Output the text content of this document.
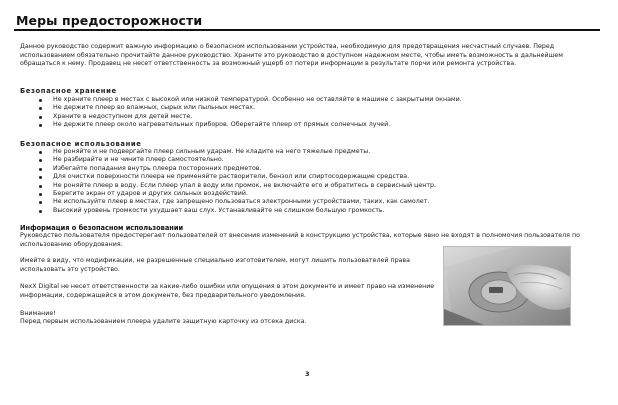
Меры предосторожности
Данное руководство содержит важную информацию о безопасном использовании устройства, необходимую для предотвращения несчастный случаев. Перед использованием обязательно прочитайте данное руководство. Храните это руководство в доступном надежном месте, чтобы иметь возможность в дальнейшем обращаться к нему. Продавец не несет ответственность за возможный ущерб от потери информации в результате порчи или ремонта устройства.
Безопасное хранение
Не храните плеер в местах с высокой или низкой температурой. Особенно не оставляйте в машине с закрытыми окнами.
Не держите плеер во влажных, сырых или пыльных местах.
Храните в недоступном для детей месте.
Не держите плеер около нагревательных приборов. Оберегайте плеер от прямых солнечных лучей.
Безопасное использование
Не роняйте и не подвергайте плеер сильным ударам. Не кладите на него тяжелые предметы.
Не разбирайте и не чините плеер самостоятельно.
Избегайте попадания внутрь плеера посторонних предметов.
Для очистки поверхности плеера не применяйте растворители, бензол или спиртосодержащие средства.
Не роняйте плеер в воду. Если плеер упал в воду или промок, не включайте его и обратитесь в сервисный центр.
Берегите экран от ударов и других сильных воздействий.
Не используйте плеер в местах, где запрещено пользоваться электронными устройствами, таких, как самолет.
Высокий уровень громкости ухудшает ваш слух. Устанавливайте не слишком большую громкость.
Информация о безопасном использовании
Руководство пользователя предостерегает пользователей от внесения изменений в конструкцию устройства, которые явно не входят в полномочия пользователя по использованию оборудования.
Имейте в виду, что модификации, не разрешенные специально изготовителем, могут лишить пользователей права использовать это устройство.
NexX Digital не несет ответственности за какие-либо ошибки или опущения в этом документе и имеет право на изменение информации, содержащейся в этом документе, без предварительного уведомления.
Внимание!
Перед первым использованием плеера удалите защитную карточку из отсека диска.
3
